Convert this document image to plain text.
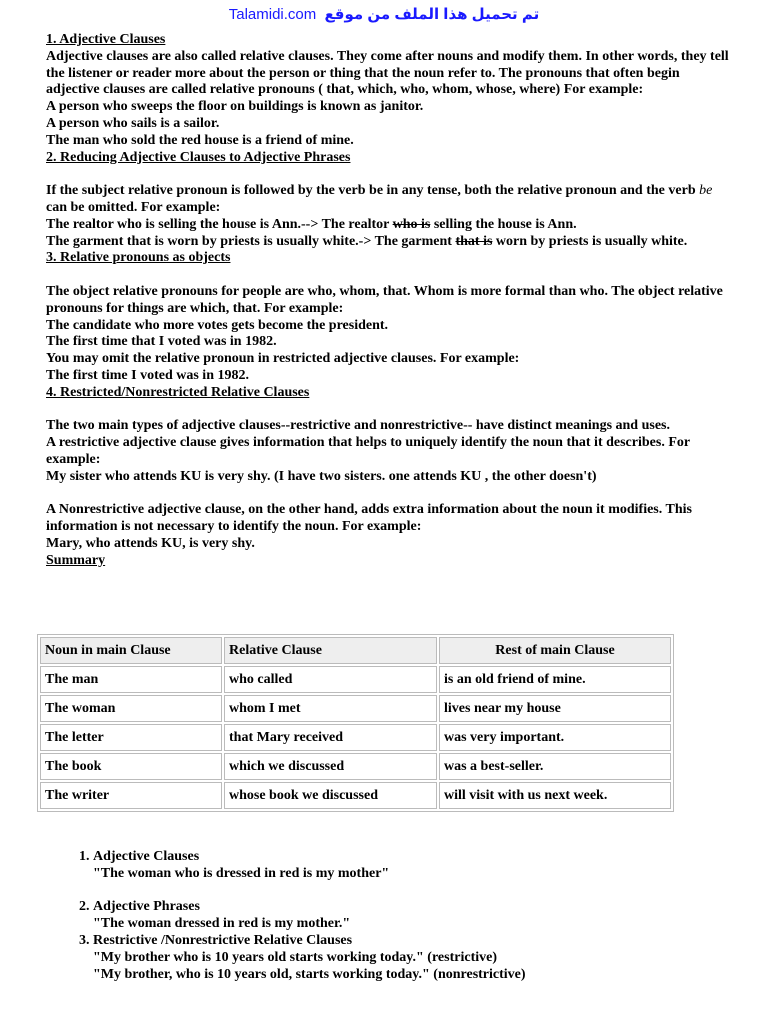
Talamidi.com تم تحميل هذا الملف من موقع

1. Adjective Clauses

Adjective clauses are also called relative clauses. They come after nouns and modify them. In other words, they tell the listener or reader more about the person or thing that the noun refer to. The pronouns that often begin adjective clauses are called relative pronouns ( that, which, who, whom, whose, where) For example:

A person who sweeps the floor on buildings is known as janitor.

A person who sails is a sailor.

The man who sold the red house is a friend of mine.

2. Reducing Adjective Clauses to Adjective Phrases

If the subject relative pronoun is followed by the verb be in any tense, both the relative pronoun and the verb be can be omitted. For example:

The realtor who is selling the house is Ann.--> The realtor who is selling the house is Ann.

The garment that is worn by priests is usually white.-> The garment that is worn by priests is usually white.

3. Relative pronouns as objects

The object relative pronouns for people are who, whom, that. Whom is more formal than who. The object relative pronouns for things are which, that. For example:

The candidate who more votes gets become the president.

The first time that I voted was in 1982.

You may omit the relative pronoun in restricted adjective clauses. For example:

The first time I voted was in 1982.

4. Restricted/Nonrestricted Relative Clauses

The two main types of adjective clauses--restrictive and nonrestrictive-- have distinct meanings and uses.

A restrictive adjective clause gives information that helps to uniquely identify the noun that it describes. For example:

My sister who attends KU is very shy. (I have two sisters. one attends KU , the other doesn't)

A Nonrestrictive adjective clause, on the other hand, adds extra information about the noun it modifies. This information is not necessary to identify the noun. For example:

Mary, who attends KU, is very shy.

Summary

Noun in main Clause	Relative Clause	Rest of main Clause
The man	who called	is an old friend of mine.
The woman	whom I met	lives near my house
The letter	that Mary received	was very important.
The book	which we discussed	was a best-seller.
The writer	whose book we discussed	will visit with us next week.
1. Adjective Clauses
"The woman who is dressed in red is my mother"

2. Adjective Phrases
"The woman dressed in red is my mother."
3. Restrictive /Nonrestrictive Relative Clauses
"My brother who is 10 years old starts working today." (restrictive)
"My brother, who is 10 years old, starts working today." (nonrestrictive)
